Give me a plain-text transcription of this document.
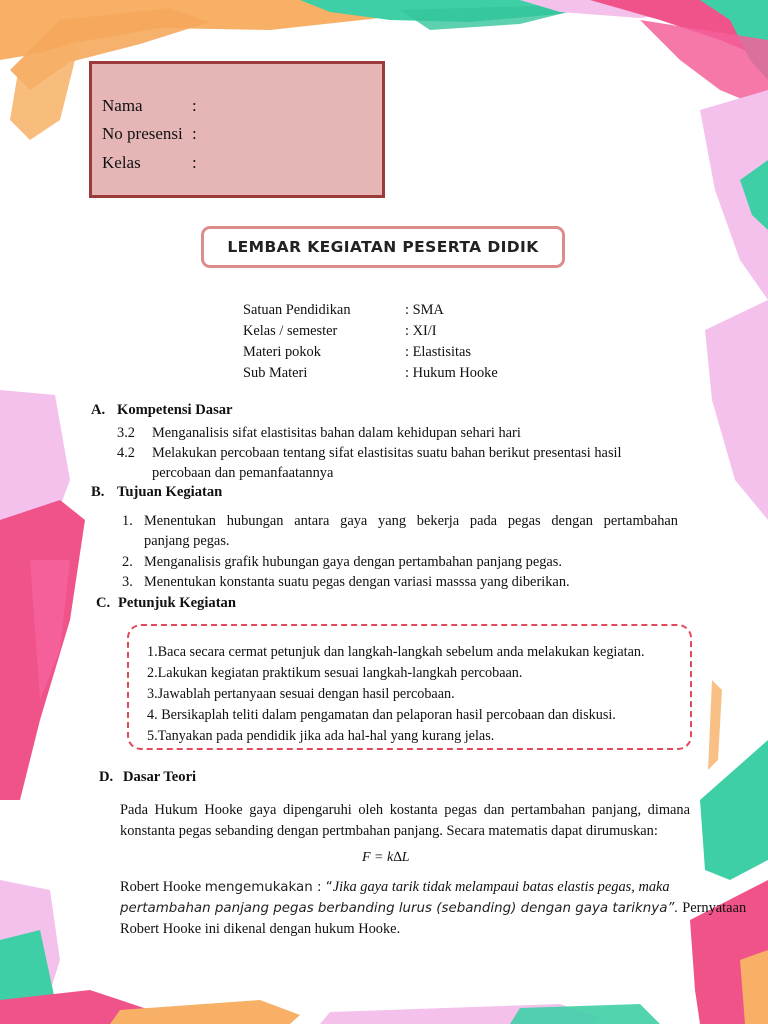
Nama	:
No presensi :
Kelas	:
LEMBAR KEGIATAN PESERTA DIDIK
Satuan Pendidikan	: SMA
Kelas / semester	: XI/I
Materi pokok	: Elastisitas
Sub Materi	: Hukum Hooke
A. Kompetensi Dasar
3.2 Menganalisis sifat elastisitas bahan dalam kehidupan sehari hari
4.2 Melakukan percobaan tentang sifat elastisitas suatu bahan berikut presentasi hasil
percobaan dan pemanfaatannya
B. Tujuan Kegiatan
1. Menentukan hubungan antara gaya yang bekerja pada pegas dengan pertambahan
panjang pegas.
2. Menganalisis grafik hubungan gaya dengan pertambahan panjang pegas.
3. Menentukan konstanta suatu pegas dengan variasi masssa yang diberikan.
C. Petunjuk Kegiatan
1.Baca secara cermat petunjuk dan langkah-langkah sebelum anda melakukan kegiatan.
2.Lakukan kegiatan praktikum sesuai langkah-langkah percobaan.
3.Jawablah pertanyaan sesuai dengan hasil percobaan.
4. Bersikaplah teliti dalam pengamatan dan pelaporan hasil percobaan dan diskusi.
5.Tanyakan pada pendidik jika ada hal-hal yang kurang jelas.
D. Dasar Teori
Pada Hukum Hooke gaya dipengaruhi oleh kostanta pegas dan pertambahan panjang, dimana
konstanta pegas sebanding dengan pertmbahan panjang. Secara matematis dapat dirumuskan:
F = k∆L
Robert Hooke mengemukakan : “Jika gaya tarik tidak melampaui batas elastis pegas, maka
pertambahan panjang pegas berbanding lurus (sebanding) dengan gaya tariknya”. Pernyataan
Robert Hooke ini dikenal dengan hukum Hooke.
